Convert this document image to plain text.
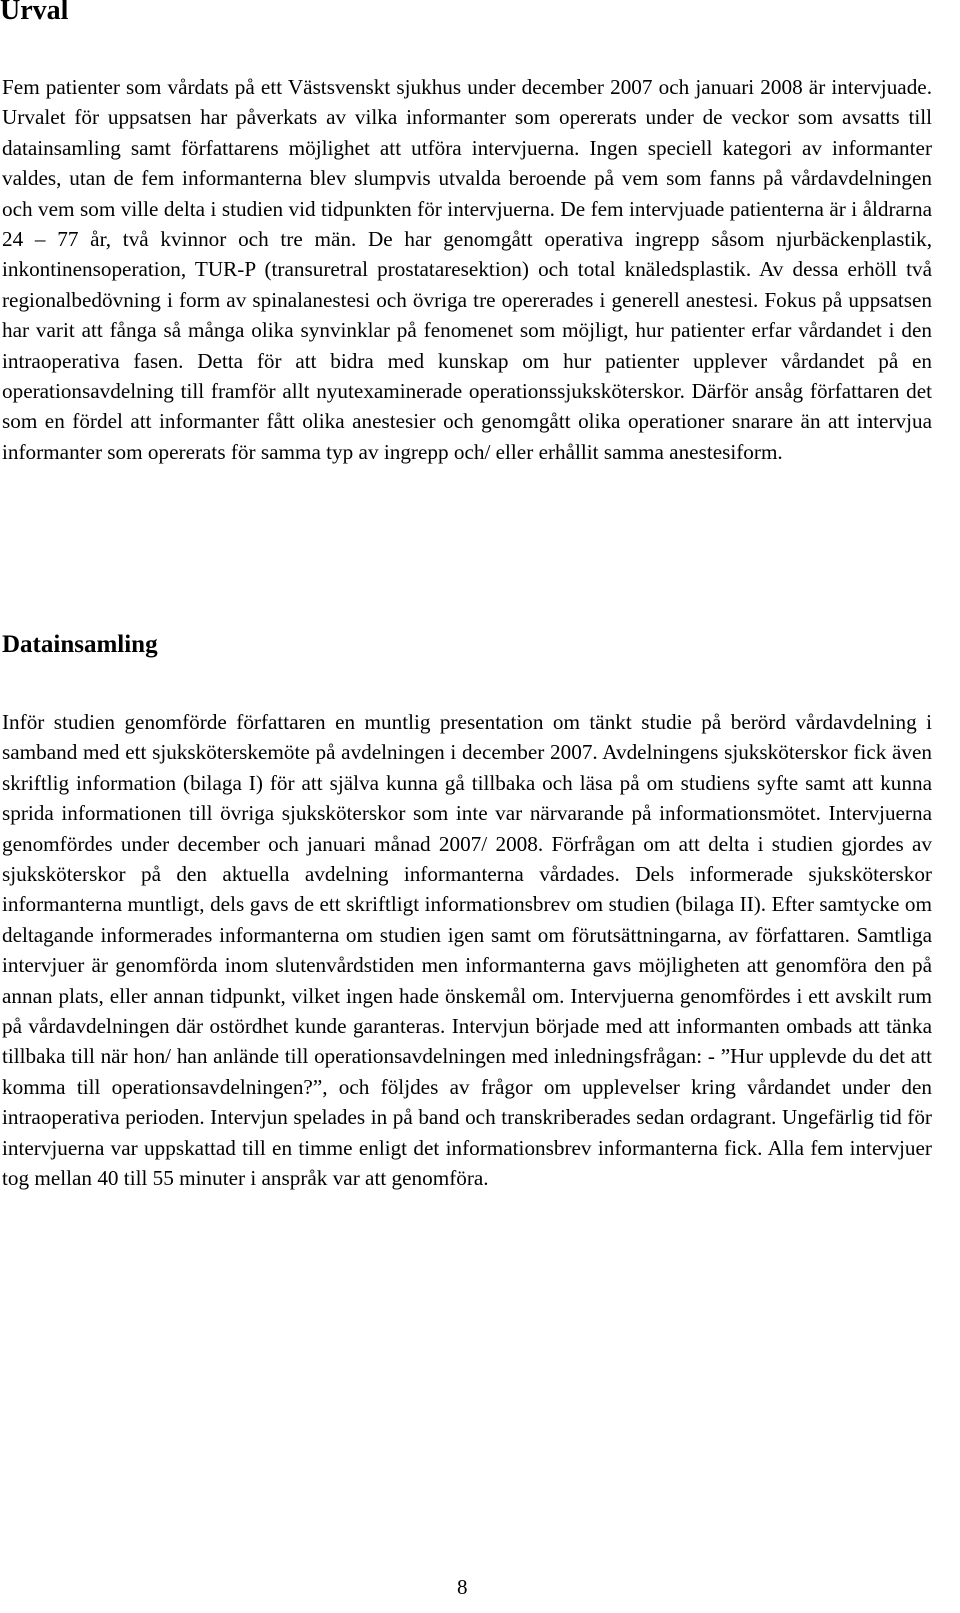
Urval

Fem patienter som vårdats på ett Västsvenskt sjukhus under december 2007 och januari 2008 är intervjuade. Urvalet för uppsatsen har påverkats av vilka informanter som opererats under de veckor som avsatts till datainsamling samt författarens möjlighet att utföra intervjuerna. Ingen speciell kategori av informanter valdes, utan de fem informanterna blev slumpvis utvalda beroende på vem som fanns på vårdavdelningen och vem som ville delta i studien vid tidpunkten för intervjuerna. De fem intervjuade patienterna är i åldrarna 24 – 77 år, två kvinnor och tre män. De har genomgått operativa ingrepp såsom njurbäckenplastik, inkontinensoperation, TUR-P (transuretral prostataresektion) och total knäledsplastik. Av dessa erhöll två regionalbedövning i form av spinalanestesi och övriga tre opererades i generell anestesi. Fokus på uppsatsen har varit att fånga så många olika synvinklar på fenomenet som möjligt, hur patienter erfar vårdandet i den intraoperativa fasen. Detta för att bidra med kunskap om hur patienter upplever vårdandet på en operationsavdelning till framför allt nyutexaminerade operationssjuksköterskor. Därför ansåg författaren det som en fördel att informanter fått olika anestesier och genomgått olika operationer snarare än att intervjua informanter som opererats för samma typ av ingrepp och/ eller erhållit samma anestesiform.

Datainsamling

Inför studien genomförde författaren en muntlig presentation om tänkt studie på berörd vårdavdelning i samband med ett sjuksköterskemöte på avdelningen i december 2007. Avdelningens sjuksköterskor fick även skriftlig information (bilaga I) för att själva kunna gå tillbaka och läsa på om studiens syfte samt att kunna sprida informationen till övriga sjuksköterskor som inte var närvarande på informationsmötet. Intervjuerna genomfördes under december och januari månad 2007/ 2008. Förfrågan om att delta i studien gjordes av sjuksköterskor på den aktuella avdelning informanterna vårdades. Dels informerade sjuksköterskor informanterna muntligt, dels gavs de ett skriftligt informationsbrev om studien (bilaga II). Efter samtycke om deltagande informerades informanterna om studien igen samt om förutsättningarna, av författaren. Samtliga intervjuer är genomförda inom slutenvårdstiden men informanterna gavs möjligheten att genomföra den på annan plats, eller annan tidpunkt, vilket ingen hade önskemål om. Intervjuerna genomfördes i ett avskilt rum på vårdavdelningen där ostördhet kunde garanteras. Intervjun började med att informanten ombads att tänka tillbaka till när hon/ han anlände till operationsavdelningen med inledningsfrågan: - ”Hur upplevde du det att komma till operationsavdelningen?”, och följdes av frågor om upplevelser kring vårdandet under den intraoperativa perioden. Intervjun spelades in på band och transkriberades sedan ordagrant. Ungefärlig tid för intervjuerna var uppskattad till en timme enligt det informationsbrev informanterna fick. Alla fem intervjuer tog mellan 40 till 55 minuter i anspråk var att genomföra.

8
